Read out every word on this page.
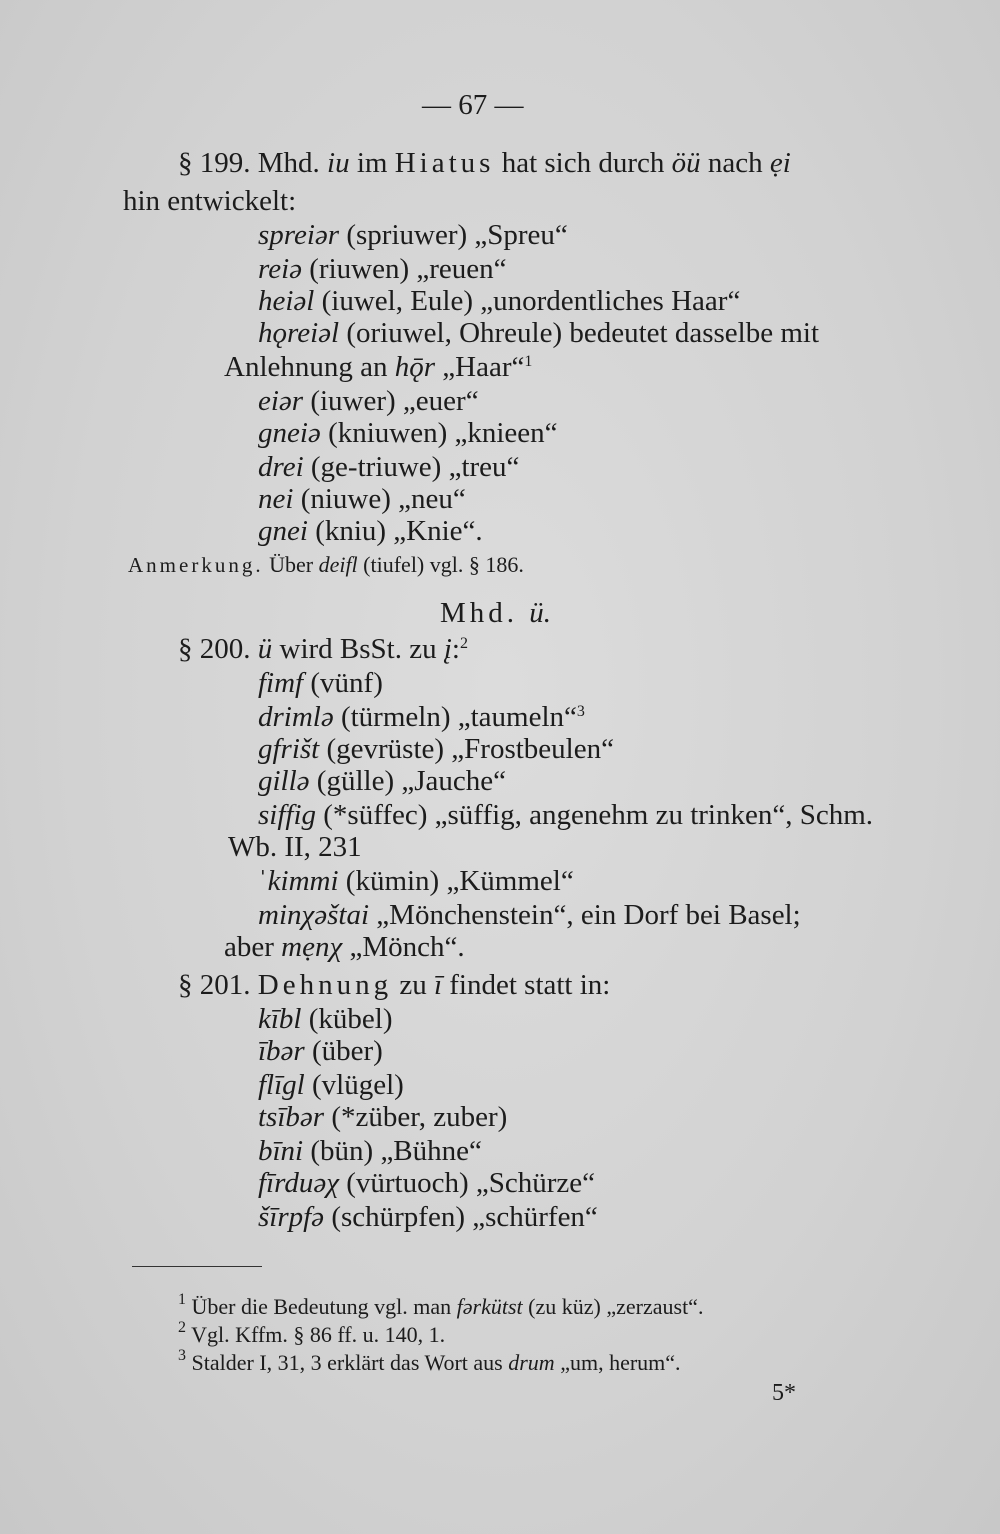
— 67 —
§ 199. Mhd. iu im Hiatus hat sich durch öü nach ẹi
hin entwickelt:
spreiər (spriuwer) „Spreu“
reiə (riuwen) „reuen“
heiəl (iuwel, Eule) „unordentliches Haar“
hǫreiəl (oriuwel, Ohreule) bedeutet dasselbe mit
Anlehnung an hǭr „Haar“$^1$
eiər (iuwer) „euer“
gneiə (kniuwen) „knieen“
drei (ge-triuwe) „treu“
nei (niuwe) „neu“
gnei (kniu) „Knie“.
Anmerkung. Über deifl (tiufel) vgl. § 186.
Mhd. ü.
§ 200. ü wird BsSt. zu į:$^2$
fimf (vünf)
drimlə (türmeln) „taumeln“$^3$
gfrišt (gevrüste) „Frostbeulen“
gillə (gülle) „Jauche“
siffig (*süffec) „süffig, angenehm zu trinken“, Schm.
Wb. II, 231
ˈkimmi (kümin) „Kümmel“
minχəštai „Mönchenstein“, ein Dorf bei Basel;
aber mẹnχ „Mönch“.
§ 201. Dehnung zu ī findet statt in:
kībl (kübel)
ībər (über)
flīgl (vlügel)
tsībər (*züber, zuber)
bīni (bün) „Bühne“
fīrduəχ (vürtuoch) „Schürze“
šīrpfə (schürpfen) „schürfen“
$^1$ Über die Bedeutung vgl. man fərkütst (zu küz) „zerzaust“.
$^2$ Vgl. Kffm. § 86 ff. u. 140, 1.
$^3$ Stalder I, 31, 3 erklärt das Wort aus drum „um, herum“.
5*
